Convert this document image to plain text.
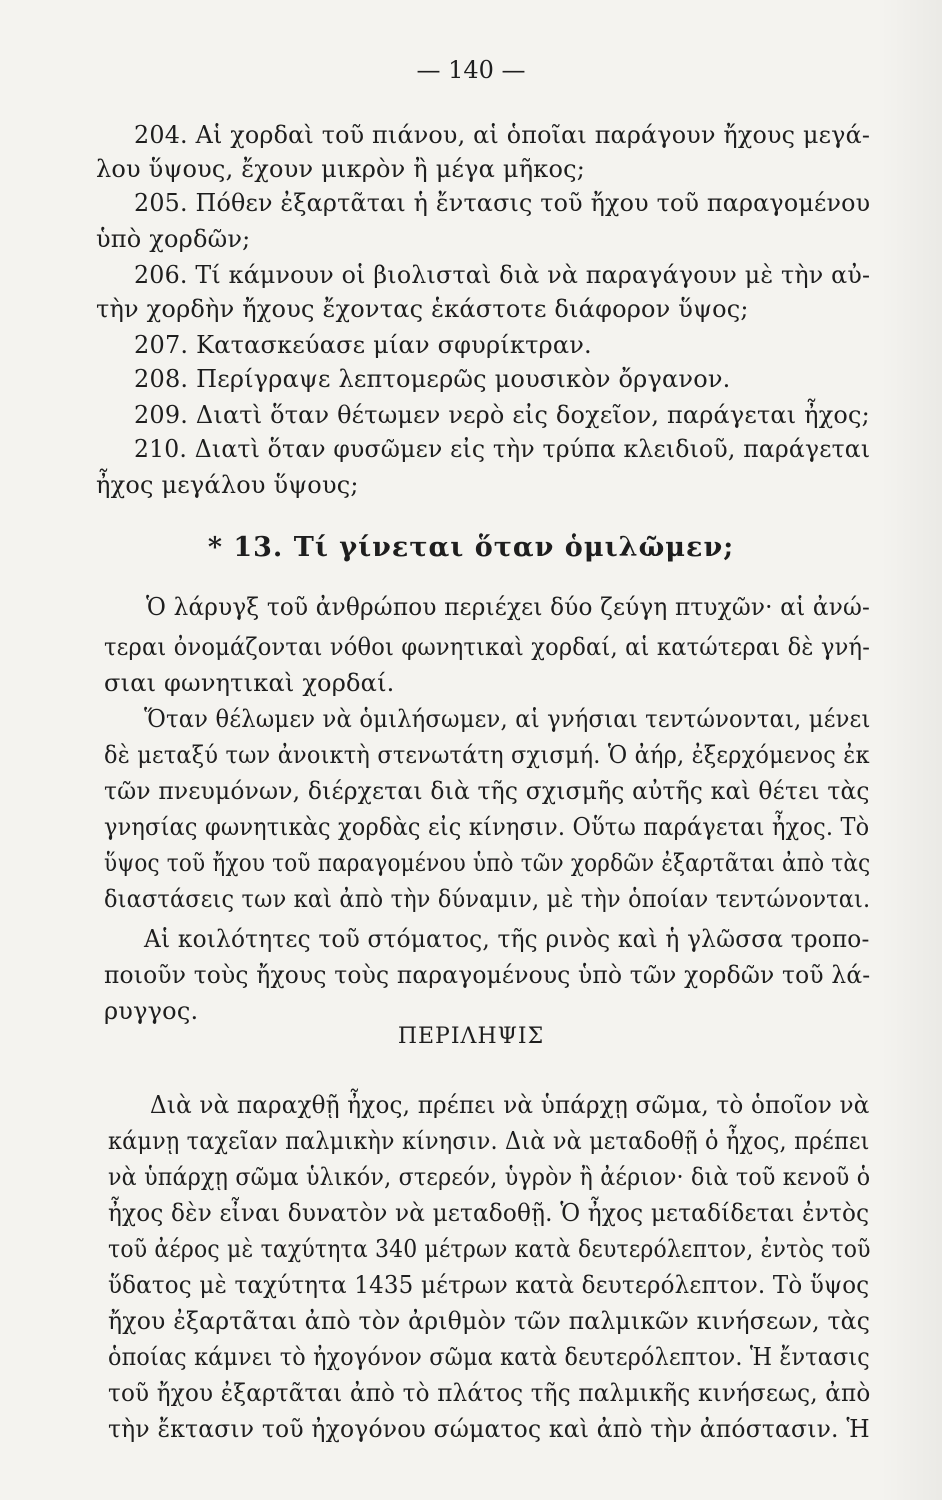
— 140 —
204. Αἱ χορδαὶ τοῦ πιάνου, αἱ ὁποῖαι παράγουν ἤχους μεγά-
λου ὕψους, ἔχουν μικρὸν ἢ μέγα μῆκος;
205. Πόθεν ἐξαρτᾶται ἡ ἔντασις τοῦ ἤχου τοῦ παραγομένου
ὑπὸ χορδῶν;
206. Τί κάμνουν οἱ βιολισταὶ διὰ νὰ παραγάγουν μὲ τὴν αὐ-
τὴν χορδὴν ἤχους ἔχοντας ἑκάστοτε διάφορον ὕψος;
207. Κατασκεύασε μίαν σφυρίκτραν.
208. Περίγραψε λεπτομερῶς μουσικὸν ὄργανον.
209. Διατὶ ὅταν θέτωμεν νερὸ εἰς δοχεῖον, παράγεται ἦχος;
210. Διατὶ ὅταν φυσῶμεν εἰς τὴν τρύπα κλειδιοῦ, παράγεται
ἦχος μεγάλου ὕψους;
* 13. Τί γίνεται ὅταν ὁμιλῶμεν;
Ὁ λάρυγξ τοῦ ἀνθρώπου περιέχει δύο ζεύγη πτυχῶν· αἱ ἀνώ-
τεραι ὀνομάζονται νόθοι φωνητικαὶ χορδαί, αἱ κατώτεραι δὲ γνή-
σιαι φωνητικαὶ χορδαί.
Ὅταν θέλωμεν νὰ ὁμιλήσωμεν, αἱ γνήσιαι τεντώνονται, μένει
δὲ μεταξύ των ἀνοικτὴ στενωτάτη σχισμή. Ὁ ἀήρ, ἐξερχόμενος ἐκ
τῶν πνευμόνων, διέρχεται διὰ τῆς σχισμῆς αὐτῆς καὶ θέτει τὰς
γνησίας φωνητικὰς χορδὰς εἰς κίνησιν. Οὕτω παράγεται ἦχος. Τὸ
ὕψος τοῦ ἤχου τοῦ παραγομένου ὑπὸ τῶν χορδῶν ἐξαρτᾶται ἀπὸ τὰς
διαστάσεις των καὶ ἀπὸ τὴν δύναμιν, μὲ τὴν ὁποίαν τεντώνονται.
Αἱ κοιλότητες τοῦ στόματος, τῆς ρινὸς καὶ ἡ γλῶσσα τροπο-
ποιοῦν τοὺς ἤχους τοὺς παραγομένους ὑπὸ τῶν χορδῶν τοῦ λά-
ρυγγος.
ΠΕΡΙΛΗΨΙΣ
Διὰ νὰ παραχθῇ ἦχος, πρέπει νὰ ὑπάρχῃ σῶμα, τὸ ὁποῖον νὰ
κάμνῃ ταχεῖαν παλμικὴν κίνησιν. Διὰ νὰ μεταδοθῇ ὁ ἦχος, πρέπει
νὰ ὑπάρχῃ σῶμα ὑλικόν, στερεόν, ὑγρὸν ἢ ἀέριον· διὰ τοῦ κενοῦ ὁ
ἦχος δὲν εἶναι δυνατὸν νὰ μεταδοθῇ. Ὁ ἦχος μεταδίδεται ἐντὸς
τοῦ ἀέρος μὲ ταχύτητα 340 μέτρων κατὰ δευτερόλεπτον, ἐντὸς τοῦ
ὕδατος μὲ ταχύτητα 1435 μέτρων κατὰ δευτερόλεπτον. Τὸ ὕψος
ἤχου ἐξαρτᾶται ἀπὸ τὸν ἀριθμὸν τῶν παλμικῶν κινήσεων, τὰς
ὁποίας κάμνει τὸ ἠχογόνον σῶμα κατὰ δευτερόλεπτον. Ἡ ἔντασις
τοῦ ἤχου ἐξαρτᾶται ἀπὸ τὸ πλάτος τῆς παλμικῆς κινήσεως, ἀπὸ
τὴν ἔκτασιν τοῦ ἠχογόνου σώματος καὶ ἀπὸ τὴν ἀπόστασιν. Ἡ
